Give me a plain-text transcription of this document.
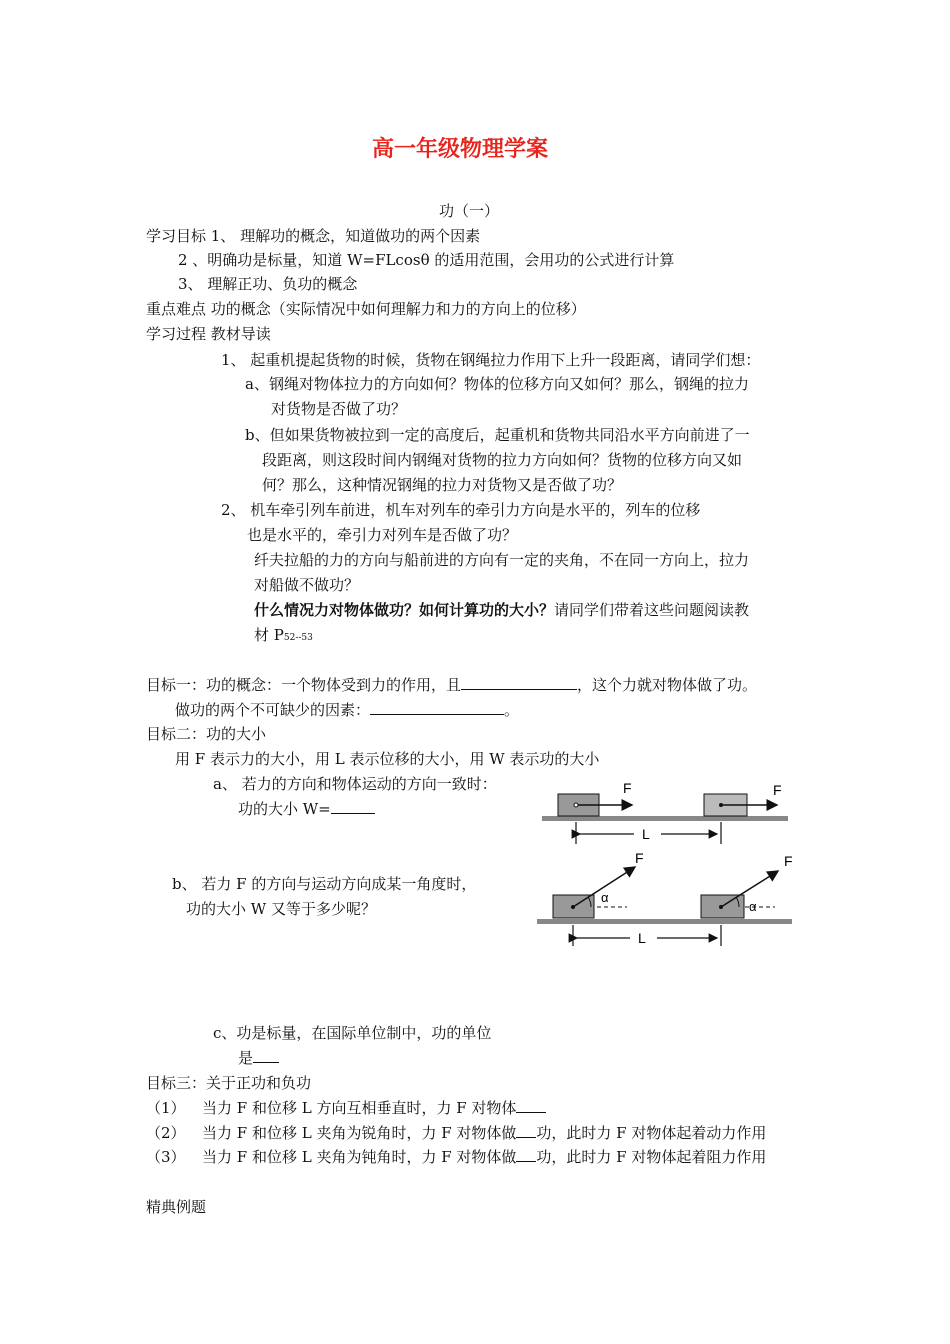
高一年级物理学案
功（一）
学习目标 1、 理解功的概念，知道做功的两个因素
2 、明确功是标量，知道 W=FLcosθ 的适用范围，会用功的公式进行计算
3、 理解正功、负功的概念
重点难点 功的概念（实际情况中如何理解力和力的方向上的位移）
学习过程 教材导读
1、 起重机提起货物的时候，货物在钢绳拉力作用下上升一段距离，请同学们想：
a、钢绳对物体拉力的方向如何？物体的位移方向又如何？那么，钢绳的拉力
对货物是否做了功？
b、但如果货物被拉到一定的高度后，起重机和货物共同沿水平方向前进了一
段距离，则这段时间内钢绳对货物的拉力方向如何？货物的位移方向又如
何？那么，这种情况钢绳的拉力对货物又是否做了功？
2、 机车牵引列车前进，机车对列车的牵引力方向是水平的，列车的位移
也是水平的，牵引力对列车是否做了功？
纤夫拉船的力的方向与船前进的方向有一定的夹角，不在同一方向上，拉力
对船做不做功？
什么情况力对物体做功？如何计算功的大小？请同学们带着这些问题阅读教
材 P52--53
目标一：功的概念：一个物体受到力的作用，且	，这个力就对物体做了功。
做功的两个不可缺少的因素：	。
目标二：功的大小
用 F 表示力的大小，用 L 表示位移的大小，用 W 表示功的大小
a、 若力的方向和物体运动的方向一致时：
功的大小 W=
F	F
L
b、 若力 F 的方向与运动方向成某一角度时，
功的大小 W 又等于多少呢？
α
F
α
F
L
c、功是标量，在国际单位制中，功的单位
是
目标三：关于正功和负功
（1） 当力 F 和位移 L 方向互相垂直时，力 F 对物体
（2） 当力 F 和位移 L 夹角为锐角时，力 F 对物体做 功，此时力 F 对物体起着动力作用
（3） 当力 F 和位移 L 夹角为钝角时，力 F 对物体做 功，此时力 F 对物体起着阻力作用
精典例题
